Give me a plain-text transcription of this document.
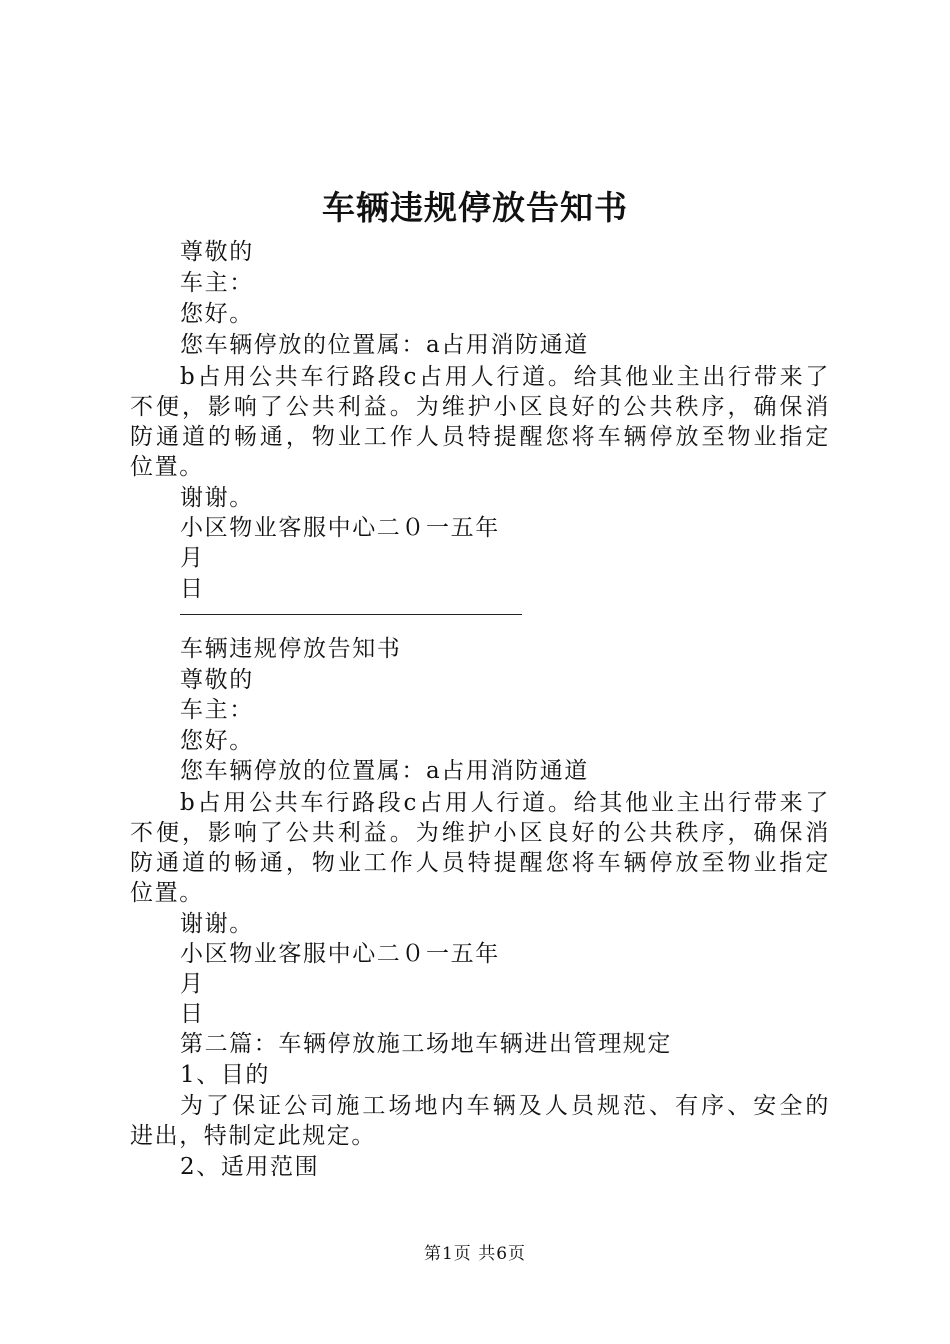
车辆违规停放告知书
尊敬的
车主：
您好。
您车辆停放的位置属：a占用消防通道
b占用公共车行路段c占用人行道。给其他业主出行带来了
不便，影响了公共利益。为维护小区良好的公共秩序，确保消
防通道的畅通，物业工作人员特提醒您将车辆停放至物业指定
位置。
谢谢。
小区物业客服中心二０一五年
月
日
车辆违规停放告知书
尊敬的
车主：
您好。
您车辆停放的位置属：a占用消防通道
b占用公共车行路段c占用人行道。给其他业主出行带来了
不便，影响了公共利益。为维护小区良好的公共秩序，确保消
防通道的畅通，物业工作人员特提醒您将车辆停放至物业指定
位置。
谢谢。
小区物业客服中心二０一五年
月
日
第二篇：车辆停放施工场地车辆进出管理规定
1、目的
为了保证公司施工场地内车辆及人员规范、有序、安全的
进出，特制定此规定。
2、适用范围
第1页 共6页
